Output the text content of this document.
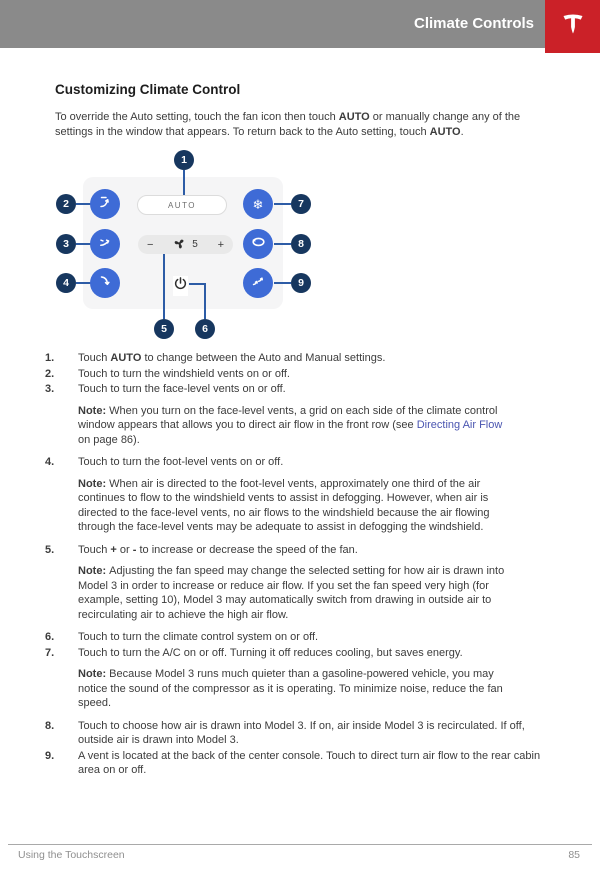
Climate Controls
Customizing Climate Control
To override the Auto setting, touch the fan icon then touch AUTO or manually change any of the settings in the window that appears. To return back to the Auto setting, touch AUTO.
1
2
3
4
5	6
7
8
9
AUTO
−	5 +
❄
1.	Touch AUTO to change between the Auto and Manual settings.
2.	Touch to turn the windshield vents on or off.
3.	Touch to turn the face-level vents on or off.
Note: When you turn on the face-level vents, a grid on each side of the climate control window appears that allows you to direct air flow in the front row (see Directing Air Flow on page 86).
4.	Touch to turn the foot-level vents on or off.
Note: When air is directed to the foot-level vents, approximately one third of the air continues to flow to the windshield vents to assist in defogging. However, when air is directed to the face-level vents, no air flows to the windshield because the air flowing through the face-level vents may be adequate to assist in defogging the windshield.
5.	Touch + or - to increase or decrease the speed of the fan.
Note: Adjusting the fan speed may change the selected setting for how air is drawn into Model 3 in order to increase or reduce air flow. If you set the fan speed very high (for example, setting 10), Model 3 may automatically switch from drawing in outside air to recirculating air to achieve the high air flow.
6.	Touch to turn the climate control system on or off.
7.	Touch to turn the A/C on or off. Turning it off reduces cooling, but saves energy.
Note: Because Model 3 runs much quieter than a gasoline-powered vehicle, you may notice the sound of the compressor as it is operating. To minimize noise, reduce the fan speed.
8.	Touch to choose how air is drawn into Model 3. If on, air inside Model 3 is recirculated. If off, outside air is drawn into Model 3.
9.	A vent is located at the back of the center console. Touch to direct turn air flow to the rear cabin area on or off.
Using the Touchscreen	85
